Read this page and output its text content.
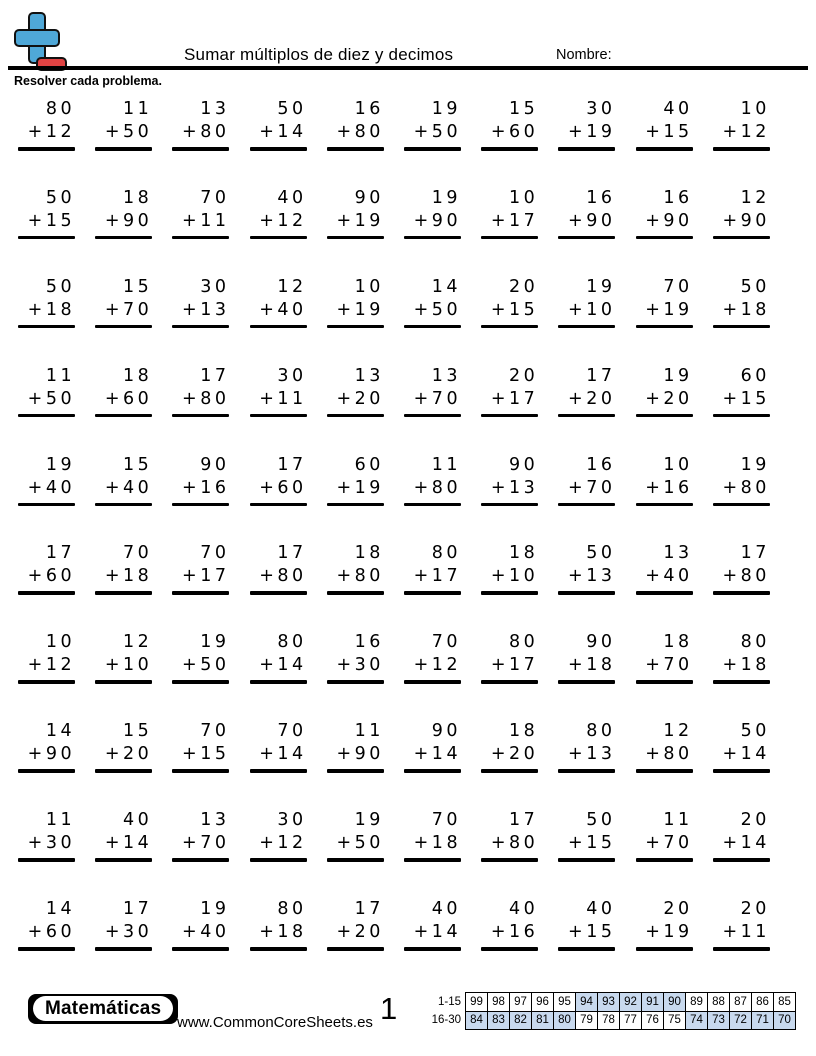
Sumar múltiplos de diez y decimos	Nombre:
Resolver cada problema.
80
+12
11
+50
13
+80
50
+14
16
+80
19
+50
15
+60
30
+19
40
+15
10
+12
50
+15
18
+90
70
+11
40
+12
90
+19
19
+90
10
+17
16
+90
16
+90
12
+90
50
+18
15
+70
30
+13
12
+40
10
+19
14
+50
20
+15
19
+10
70
+19
50
+18
11
+50
18
+60
17
+80
30
+11
13
+20
13
+70
20
+17
17
+20
19
+20
60
+15
19
+40
15
+40
90
+16
17
+60
60
+19
11
+80
90
+13
16
+70
10
+16
19
+80
17
+60
70
+18
70
+17
17
+80
18
+80
80
+17
18
+10
50
+13
13
+40
17
+80
10
+12
12
+10
19
+50
80
+14
16
+30
70
+12
80
+17
90
+18
18
+70
80
+18
14
+90
15
+20
70
+15
70
+14
11
+90
90
+14
18
+20
80
+13
12
+80
50
+14
11
+30
40
+14
13
+70
30
+12
19
+50
70
+18
17
+80
50
+15
11
+70
20
+14
14
+60
17
+30
19
+40
80
+18
17
+20
40
+14
40
+16
40
+15
20
+19
20
+11
Matemáticas
www.CommonCoreSheets.es 1	1-15	99	98	97	96	95	94	93	92	91	90	89	88	87	86	85
16-30	84	83	82	81	80	79	78	77	76	75	74	73	72	71	70
